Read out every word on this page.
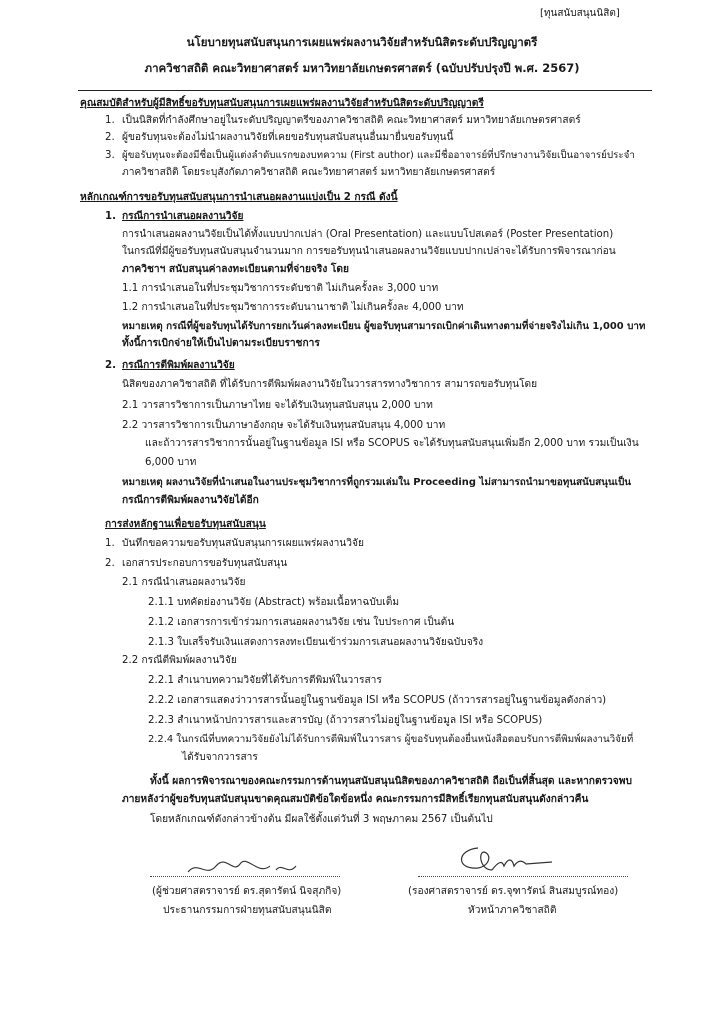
[ทุนสนับสนุนนิสิต]
นโยบายทุนสนับสนุนการเผยแพร่ผลงานวิจัยสำหรับนิสิตระดับปริญญาตรี
ภาควิชาสถิติ คณะวิทยาศาสตร์ มหาวิทยาลัยเกษตรศาสตร์ (ฉบับปรับปรุงปี พ.ศ. 2567)
คุณสมบัติสำหรับผู้มีสิทธิ์ขอรับทุนสนับสนุนการเผยแพร่ผลงานวิจัยสำหรับนิสิตระดับปริญญาตรี
1. เป็นนิสิตที่กำลังศึกษาอยู่ในระดับปริญญาตรีของภาควิชาสถิติ คณะวิทยาศาสตร์ มหาวิทยาลัยเกษตรศาสตร์
2. ผู้ขอรับทุนจะต้องไม่นำผลงานวิจัยที่เคยขอรับทุนสนับสนุนอื่นมายื่นขอรับทุนนี้
3. ผู้ขอรับทุนจะต้องมีชื่อเป็นผู้แต่งลำดับแรกของบทความ (First author) และมีชื่ออาจารย์ที่ปรึกษางานวิจัยเป็นอาจารย์ประจำ
ภาควิชาสถิติ โดยระบุสังกัดภาควิชาสถิติ คณะวิทยาศาสตร์ มหาวิทยาลัยเกษตรศาสตร์
หลักเกณฑ์การขอรับทุนสนับสนุนการนำเสนอผลงานแบ่งเป็น 2 กรณี ดังนี้
1. กรณีการนำเสนอผลงานวิจัย
การนำเสนอผลงานวิจัยเป็นได้ทั้งแบบปากเปล่า (Oral Presentation) และแบบโปสเตอร์ (Poster Presentation)
ในกรณีที่มีผู้ขอรับทุนสนับสนุนจำนวนมาก การขอรับทุนนำเสนอผลงานวิจัยแบบปากเปล่าจะได้รับการพิจารณาก่อน
ภาควิชาฯ สนับสนุนค่าลงทะเบียนตามที่จ่ายจริง โดย
1.1 การนำเสนอในที่ประชุมวิชาการระดับชาติ ไม่เกินครั้งละ 3,000 บาท
1.2 การนำเสนอในที่ประชุมวิชาการระดับนานาชาติ ไม่เกินครั้งละ 4,000 บาท
หมายเหตุ กรณีที่ผู้ขอรับทุนได้รับการยกเว้นค่าลงทะเบียน ผู้ขอรับทุนสามารถเบิกค่าเดินทางตามที่จ่ายจริงไม่เกิน 1,000 บาท
ทั้งนี้การเบิกจ่ายให้เป็นไปตามระเบียบราชการ
2. กรณีการตีพิมพ์ผลงานวิจัย
นิสิตของภาควิชาสถิติ ที่ได้รับการตีพิมพ์ผลงานวิจัยในวารสารทางวิชาการ สามารถขอรับทุนโดย
2.1 วารสารวิชาการเป็นภาษาไทย จะได้รับเงินทุนสนับสนุน 2,000 บาท
2.2 วารสารวิชาการเป็นภาษาอังกฤษ จะได้รับเงินทุนสนับสนุน 4,000 บาท
และถ้าวารสารวิชาการนั้นอยู่ในฐานข้อมูล ISI หรือ SCOPUS จะได้รับทุนสนับสนุนเพิ่มอีก 2,000 บาท รวมเป็นเงิน
6,000 บาท
หมายเหตุ ผลงานวิจัยที่นำเสนอในงานประชุมวิชาการที่ถูกรวมเล่มใน Proceeding ไม่สามารถนำมาขอทุนสนับสนุนเป็น
กรณีการตีพิมพ์ผลงานวิจัยได้อีก
การส่งหลักฐานเพื่อขอรับทุนสนับสนุน
1. บันทึกขอความขอรับทุนสนับสนุนการเผยแพร่ผลงานวิจัย
2. เอกสารประกอบการขอรับทุนสนับสนุน
2.1 กรณีนำเสนอผลงานวิจัย
2.1.1 บทคัดย่องานวิจัย (Abstract) พร้อมเนื้อหาฉบับเต็ม
2.1.2 เอกสารการเข้าร่วมการเสนอผลงานวิจัย เช่น ใบประกาศ เป็นต้น
2.1.3 ใบเสร็จรับเงินแสดงการลงทะเบียนเข้าร่วมการเสนอผลงานวิจัยฉบับจริง
2.2 กรณีตีพิมพ์ผลงานวิจัย
2.2.1 สำเนาบทความวิจัยที่ได้รับการตีพิมพ์ในวารสาร
2.2.2 เอกสารแสดงว่าวารสารนั้นอยู่ในฐานข้อมูล ISI หรือ SCOPUS (ถ้าวารสารอยู่ในฐานข้อมูลดังกล่าว)
2.2.3 สำเนาหน้าปกวารสารและสารบัญ (ถ้าวารสารไม่อยู่ในฐานข้อมูล ISI หรือ SCOPUS)
2.2.4 ในกรณีที่บทความวิจัยยังไม่ได้รับการตีพิมพ์ในวารสาร ผู้ขอรับทุนต้องยื่นหนังสือตอบรับการตีพิมพ์ผลงานวิจัยที่
ได้รับจากวารสาร
ทั้งนี้ ผลการพิจารณาของคณะกรรมการด้านทุนสนับสนุนนิสิตของภาควิชาสถิติ ถือเป็นที่สิ้นสุด และหากตรวจพบ
ภายหลังว่าผู้ขอรับทุนสนับสนุนขาดคุณสมบัติข้อใดข้อหนึ่ง คณะกรรมการมีสิทธิ์เรียกทุนสนับสนุนดังกล่าวคืน
โดยหลักเกณฑ์ดังกล่าวข้างต้น มีผลใช้ตั้งแต่วันที่ 3 พฤษภาคม 2567 เป็นต้นไป
(ผู้ช่วยศาสตราจารย์ ดร.สุดารัตน์ นิจสุภกิจ)
ประธานกรรมการฝ่ายทุนสนับสนุนนิสิต
(รองศาสตราจารย์ ดร.จุฑารัตน์ สินสมบูรณ์ทอง)
หัวหน้าภาควิชาสถิติ
